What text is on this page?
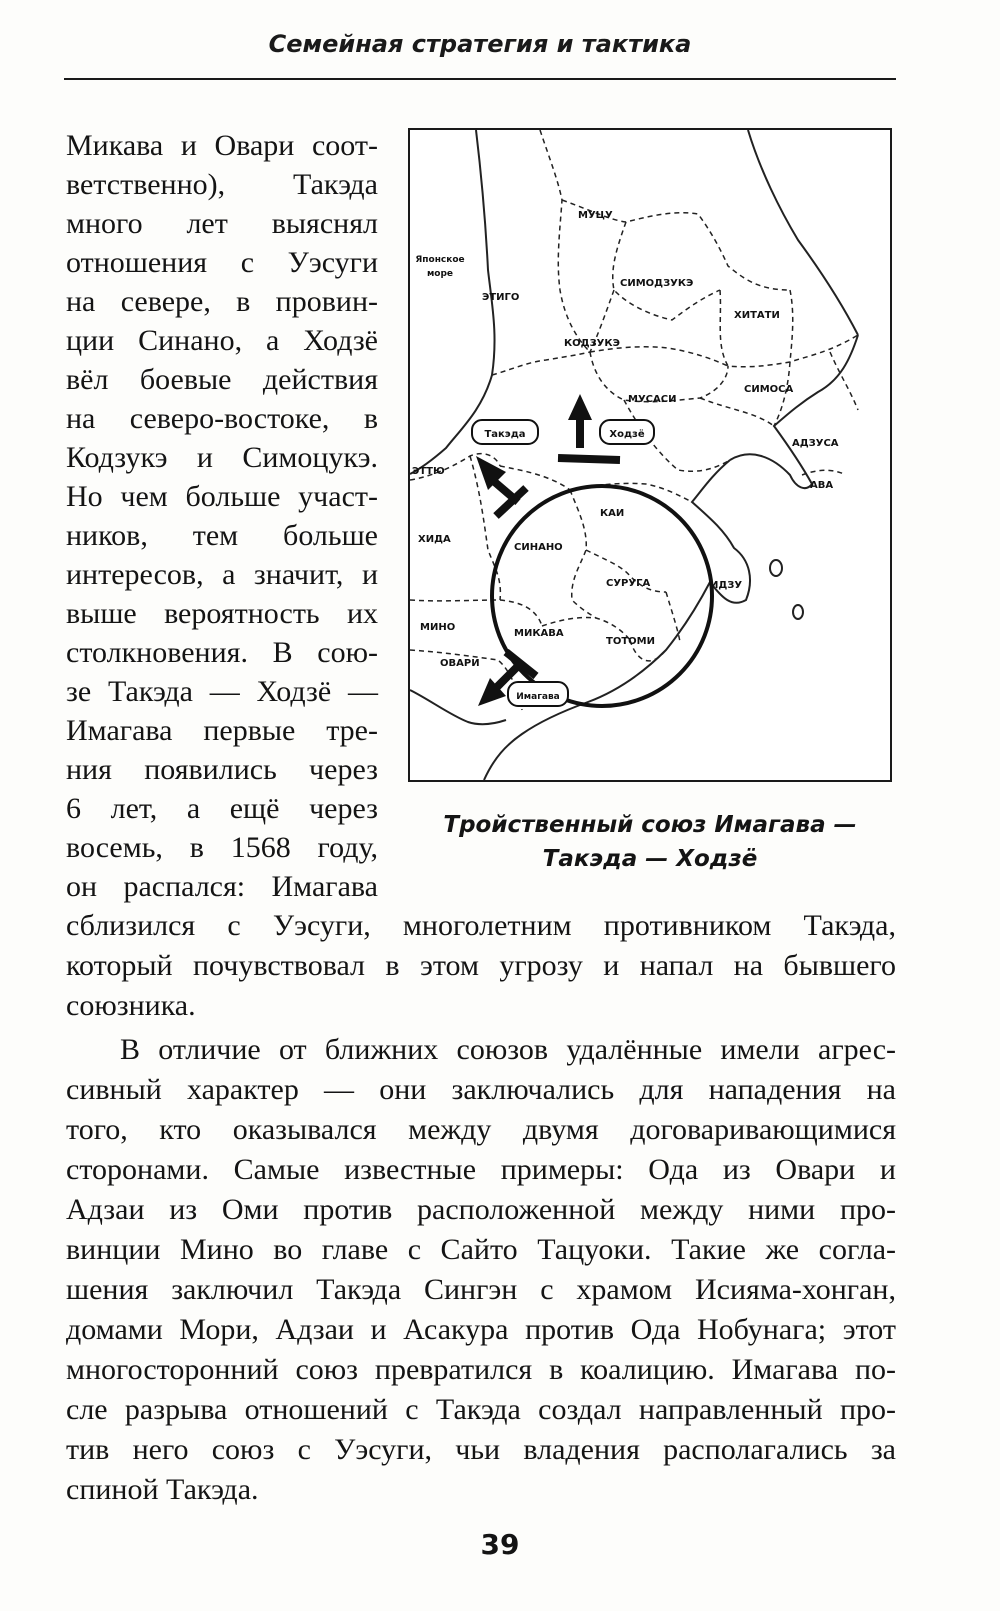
Семейная стратегия и тактика
Микава и Овари соот-
ветственно), Такэда
много лет выяснял
отношения с Уэсуги
на севере, в провин-
ции Синано, а Ходзё
вёл боевые действия
на северо-востоке, в
Кодзукэ и Симоцукэ.
Но чем больше участ-
ников, тем больше
интересов, а значит, и
выше вероятность их
столкновения. В сою-
зе Такэда — Ходзё —
Имагава первые тре-
ния появились через
6 лет, а ещё через
восемь, в 1568 году,
он распался: Имагава
Такэда	Ходзё
Имагава
Японское
море
МУЦУ
ЭТИГО
СИМОДЗУКЭ
ХИТАТИ
КОДЗУКЭ
МУСАСИ
СИМОСА
АДЗУСА
АВА
ЭТТЮ
ХИДА
СИНАНО
КАИ
СУРУГА	ИДЗУ
МИНО
МИКАВА
ТОТОМИ
ОВАРИ
Тройственный союз Имагава —
Такэда — Ходзё
сблизился с Уэсуги, многолетним противником Такэда,
который почувствовал в этом угрозу и напал на бывшего
союзника.
В отличие от ближних союзов удалённые имели агрес-
сивный характер — они заключались для нападения на
того, кто оказывался между двумя договаривающимися
сторонами. Самые известные примеры: Ода из Овари и
Адзаи из Оми против расположенной между ними про-
винции Мино во главе с Сайто Тацуоки. Такие же согла-
шения заключил Такэда Сингэн с храмом Исияма-хонган,
домами Мори, Адзаи и Асакура против Ода Нобунага; этот
многосторонний союз превратился в коалицию. Имагава по-
сле разрыва отношений с Такэда создал направленный про-
тив него союз с Уэсуги, чьи владения располагались за
спиной Такэда.
39
